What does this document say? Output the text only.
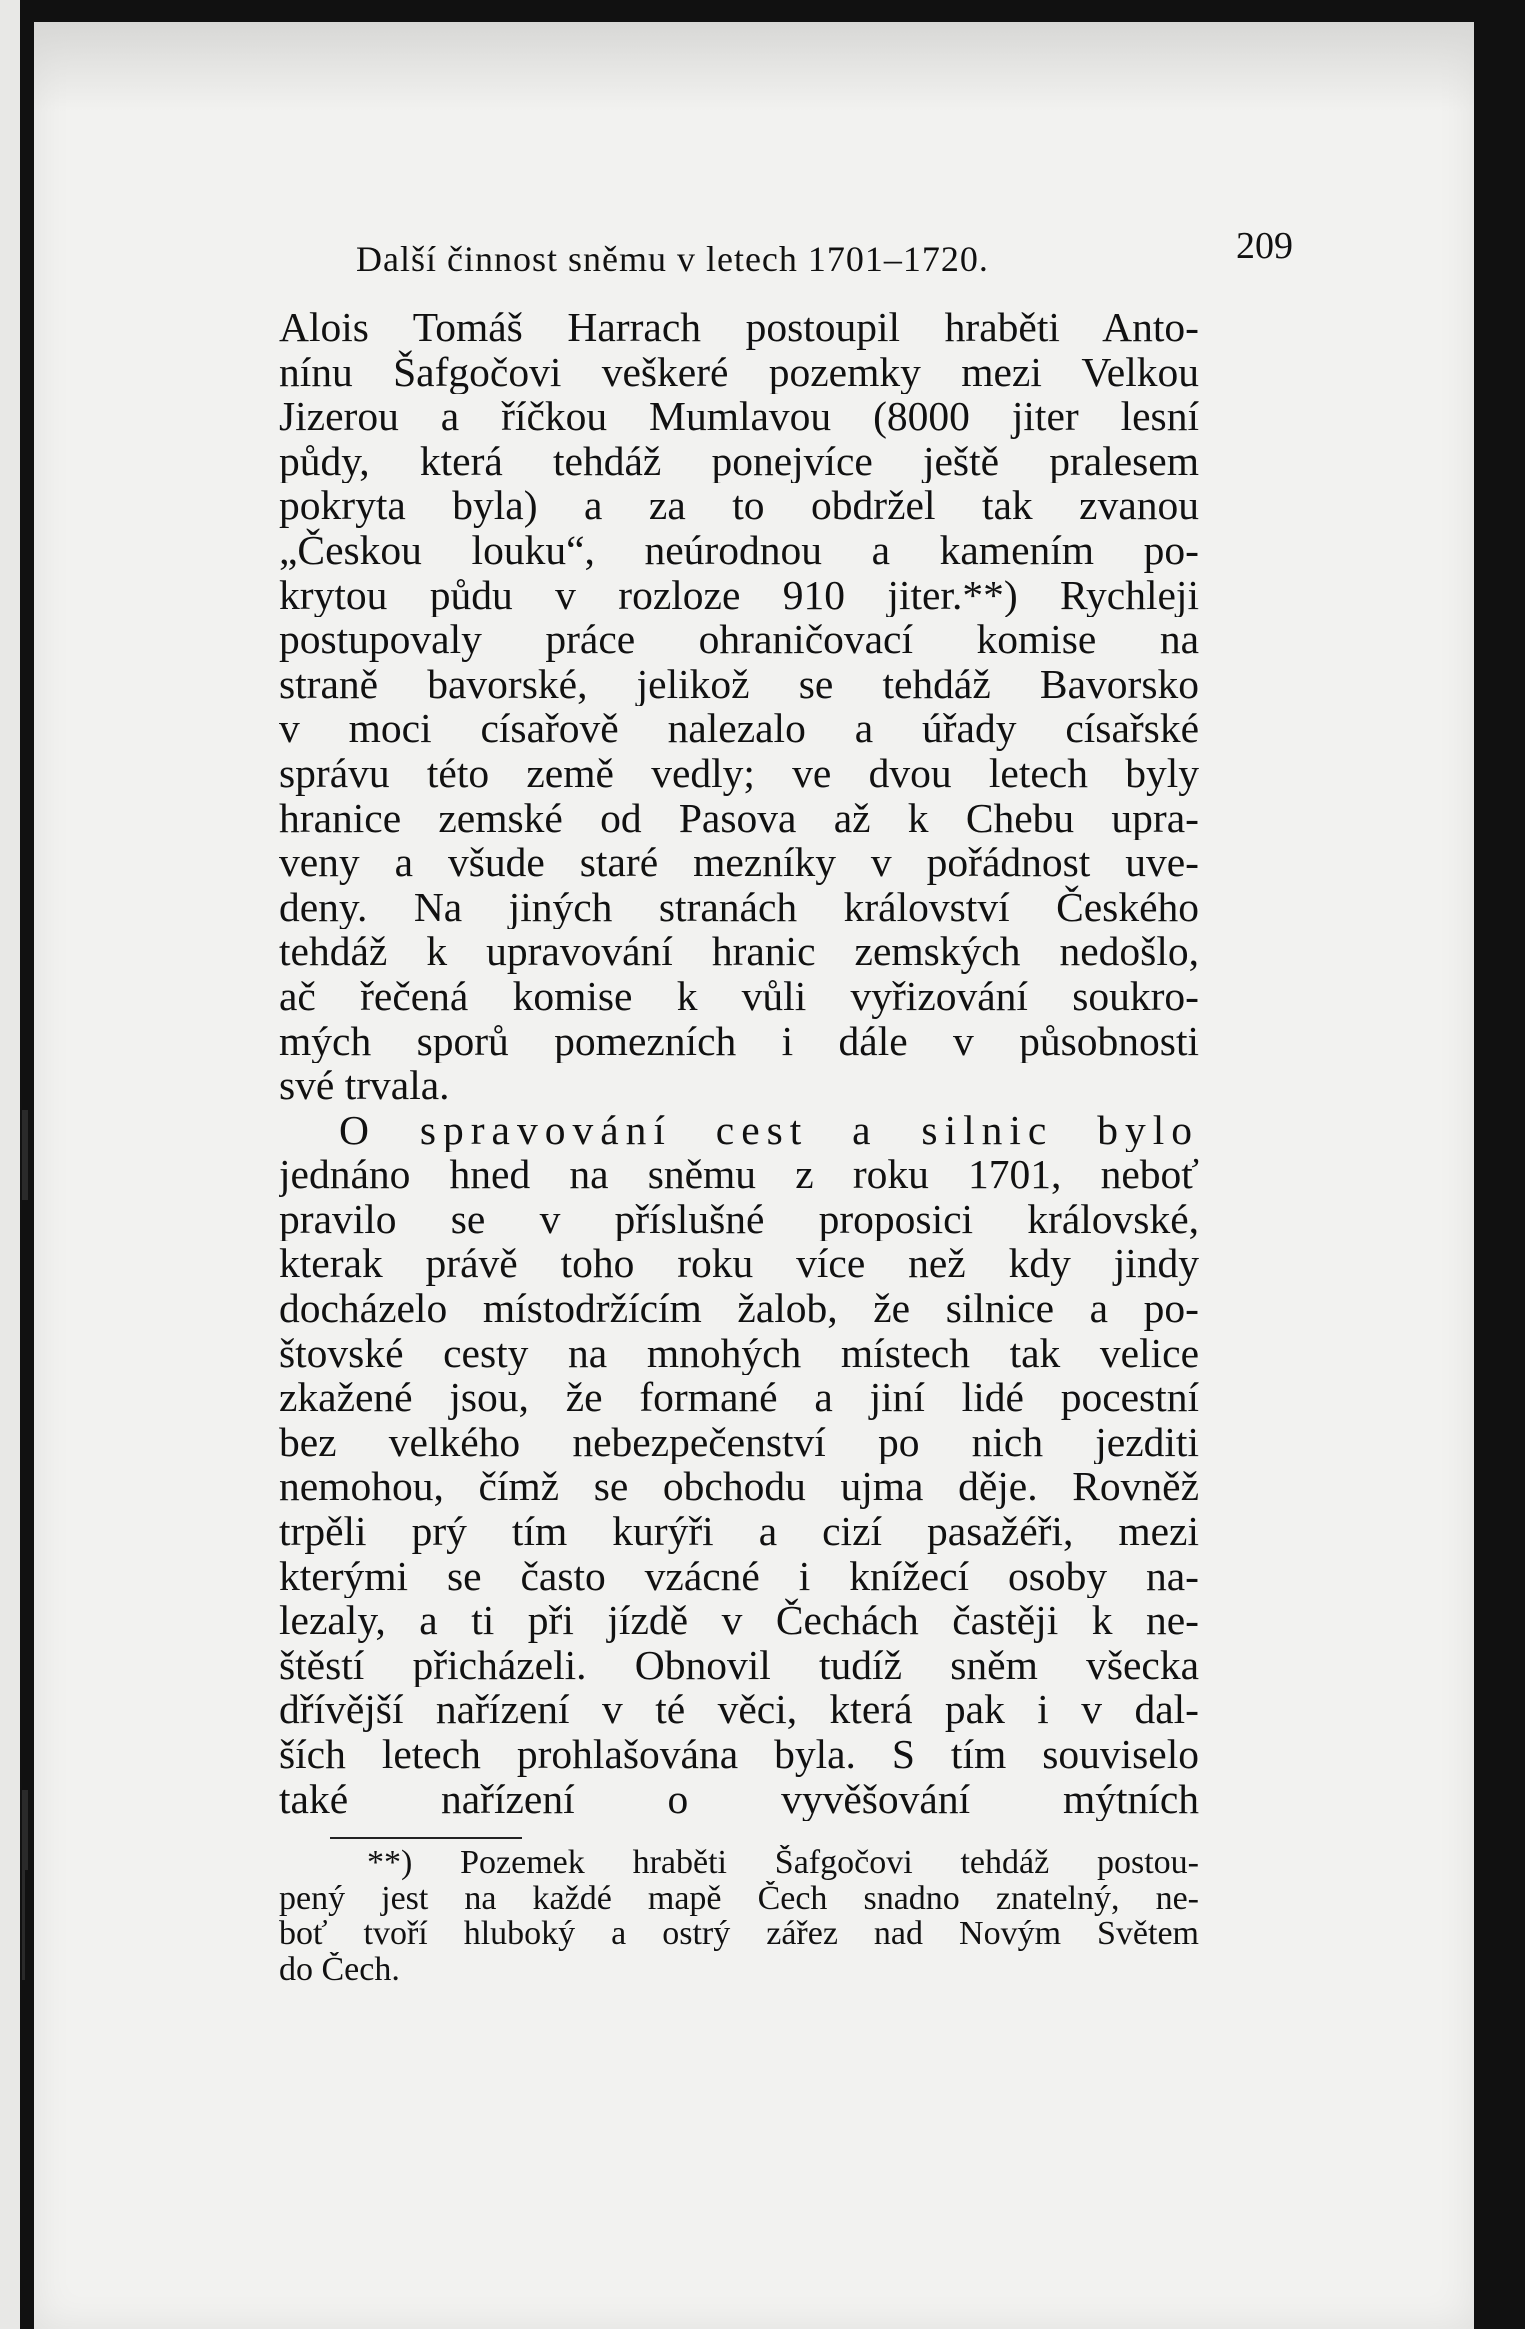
Další činnost sněmu v letech 1701–1720.	209
Alois Tomáš Harrach postoupil hraběti Anto-
nínu Šafgočovi veškeré pozemky mezi Velkou
Jizerou a říčkou Mumlavou (8000 jiter lesní
půdy, která tehdáž ponejvíce ještě pralesem
pokryta byla) a za to obdržel tak zvanou
„Českou louku“, neúrodnou a kamením po-
krytou půdu v rozloze 910 jiter.**) Rychleji
postupovaly práce ohraničovací komise na
straně bavorské, jelikož se tehdáž Bavorsko
v moci císařově nalezalo a úřady císařské
správu této země vedly; ve dvou letech byly
hranice zemské od Pasova až k Chebu upra-
veny a všude staré mezníky v pořádnost uve-
deny. Na jiných stranách království Českého
tehdáž k upravování hranic zemských nedošlo,
ač řečená komise k vůli vyřizování soukro-
mých sporů pomezních i dále v působnosti
své trvala.
O spravování cest a silnic bylo
jednáno hned na sněmu z roku 1701, neboť
pravilo se v příslušné proposici královské,
kterak právě toho roku více než kdy jindy
docházelo místodržícím žalob, že silnice a po-
štovské cesty na mnohých místech tak velice
zkažené jsou, že formané a jiní lidé pocestní
bez velkého nebezpečenství po nich jezditi
nemohou, čímž se obchodu ujma děje. Rovněž
trpěli prý tím kurýři a cizí pasažéři, mezi
kterými se často vzácné i knížecí osoby na-
lezaly, a ti při jízdě v Čechách častěji k ne-
štěstí přicházeli. Obnovil tudíž sněm všecka
dřívější nařízení v té věci, která pak i v dal-
ších letech prohlašována byla. S tím souviselo
také nařízení o vyvěšování mýtních
**) Pozemek hraběti Šafgočovi tehdáž postou-
pený jest na každé mapě Čech snadno znatelný, ne-
boť tvoří hluboký a ostrý zářez nad Novým Světem
do Čech.
